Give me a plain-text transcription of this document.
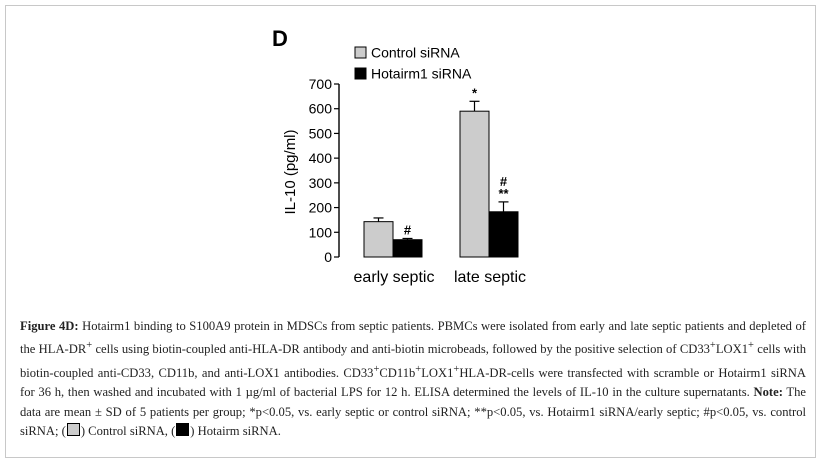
D
Control siRNA
Hotairm1 siRNA
IL-10 (pg/ml)
0
100
200
300
400
500
600
700
*
#
#
**
early septic late septic
Figure 4D: Hotairm1 binding to S100A9 protein in MDSCs from septic patients. PBMCs were isolated from early and late septic patients and depleted of the HLA-DR+ cells using biotin-coupled anti-HLA-DR antibody and anti-biotin microbeads, followed by the positive selection of CD33+LOX1+ cells with biotin-coupled anti-CD33, CD11b, and anti-LOX1 antibodies. CD33+CD11b+LOX1+HLA-DR-cells were transfected with scramble or Hotairm1 siRNA for 36 h, then washed and incubated with 1 µg/ml of bacterial LPS for 12 h. ELISA determined the levels of IL-10 in the culture supernatants. Note: The data are mean ± SD of 5 patients per group; *p<0.05, vs. early septic or control siRNA; **p<0.05, vs. Hotairm1 siRNA/early septic; #p<0.05, vs. control siRNA; ( ) Control siRNA, ( ) Hotairm siRNA.
